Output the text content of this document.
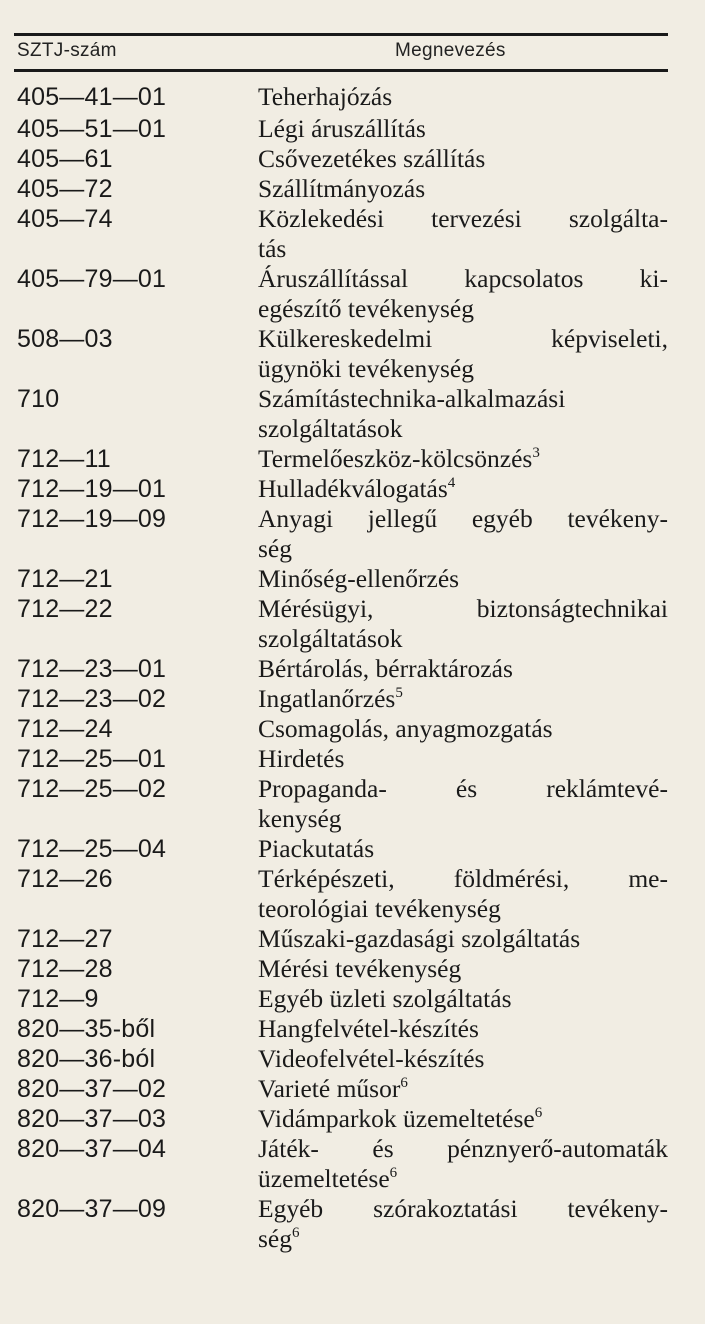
SZTJ-szám	Megnevezés
405—41—01	Teherhajózás
405—51—01	Légi áruszállítás
405—61	Csővezetékes szállítás
405—72	Szállítmányozás
405—74	Közlekedési tervezési szolgálta-
tás
405—79—01	Áruszállítással kapcsolatos ki-
egészítő tevékenység
508—03	Külkereskedelmi képviseleti,
ügynöki tevékenység
710	Számítástechnika-alkalmazási
szolgáltatások
712—11	Termelőeszköz-kölcsönzés$^3$
712—19—01	Hulladékválogatás$^4$
712—19—09	Anyagi jellegű egyéb tevékeny-
ség
712—21	Minőség-ellenőrzés
712—22	Mérésügyi, biztonságtechnikai
szolgáltatások
712—23—01	Bértárolás, bérraktározás
712—23—02	Ingatlanőrzés$^5$
712—24	Csomagolás, anyagmozgatás
712—25—01	Hirdetés
712—25—02	Propaganda- és reklámtevé-
kenység
712—25—04	Piackutatás
712—26	Térképészeti, földmérési, me-
teorológiai tevékenység
712—27	Műszaki-gazdasági szolgáltatás
712—28	Mérési tevékenység
712—9	Egyéb üzleti szolgáltatás
820—35-ből	Hangfelvétel-készítés
820—36-ból	Videofelvétel-készítés
820—37—02	Varieté műsor$^6$
820—37—03	Vidámparkok üzemeltetése$^6$
820—37—04	Játék- és pénznyerő-automaták
üzemeltetése$^6$
820—37—09	Egyéb szórakoztatási tevékeny-
ség$^6$
